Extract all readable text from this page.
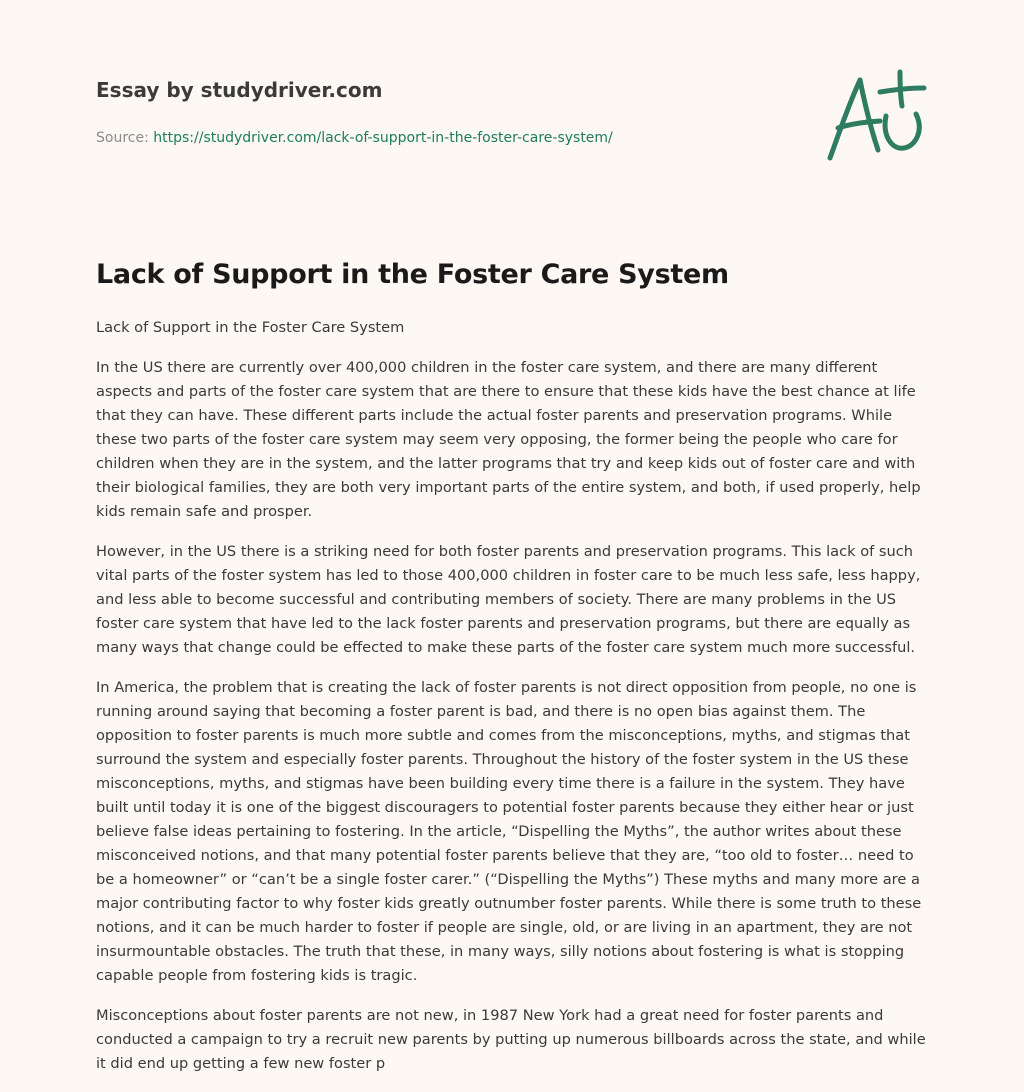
Essay by studydriver.com
Source: https://studydriver.com/lack-of-support-in-the-foster-care-system/
Lack of Support in the Foster Care System

Lack of Support in the Foster Care System

In the US there are currently over 400,000 children in the foster care system, and there are many different aspects and parts of the foster care system that are there to ensure that these kids have the best chance at life that they can have. These different parts include the actual foster parents and preservation programs. While these two parts of the foster care system may seem very opposing, the former being the people who care for children when they are in the system, and the latter programs that try and keep kids out of foster care and with their biological families, they are both very important parts of the entire system, and both, if used properly, help kids remain safe and prosper.

However, in the US there is a striking need for both foster parents and preservation programs. This lack of such vital parts of the foster system has led to those 400,000 children in foster care to be much less safe, less happy, and less able to become successful and contributing members of society. There are many problems in the US foster care system that have led to the lack foster parents and preservation programs, but there are equally as many ways that change could be effected to make these parts of the foster care system much more successful.

In America, the problem that is creating the lack of foster parents is not direct opposition from people, no one is running around saying that becoming a foster parent is bad, and there is no open bias against them. The opposition to foster parents is much more subtle and comes from the misconceptions, myths, and stigmas that surround the system and especially foster parents. Throughout the history of the foster system in the US these misconceptions, myths, and stigmas have been building every time there is a failure in the system. They have built until today it is one of the biggest discouragers to potential foster parents because they either hear or just believe false ideas pertaining to fostering. In the article, “Dispelling the Myths”, the author writes about these misconceived notions, and that many potential foster parents believe that they are, “too old to foster… need to be a homeowner” or “can’t be a single foster carer.” (“Dispelling the Myths”) These myths and many more are a major contributing factor to why foster kids greatly outnumber foster parents. While there is some truth to these notions, and it can be much harder to foster if people are single, old, or are living in an apartment, they are not insurmountable obstacles. The truth that these, in many ways, silly notions about fostering is what is stopping capable people from fostering kids is tragic.

Misconceptions about foster parents are not new, in 1987 New York had a great need for foster parents and conducted a campaign to try a recruit new parents by putting up numerous billboards across the state, and while it did end up getting a few new foster p
